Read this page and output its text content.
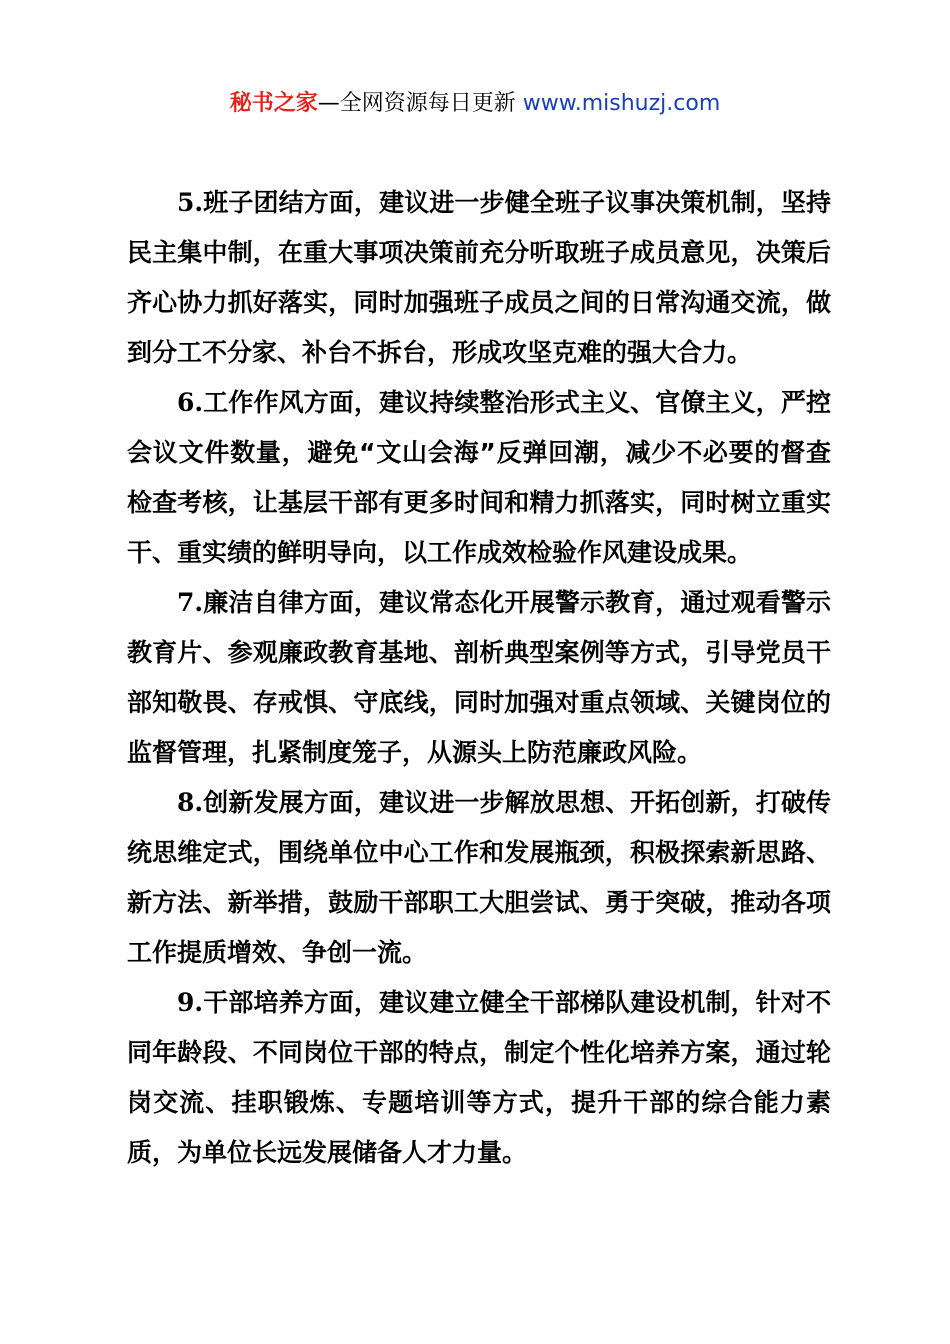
秘书之家—全网资源每日更新 www.mishuzj.com

5.班子团结方面，建议进一步健全班子议事决策机制，坚持民主集中制，在重大事项决策前充分听取班子成员意见，决策后齐心协力抓好落实，同时加强班子成员之间的日常沟通交流，做到分工不分家、补台不拆台，形成攻坚克难的强大合力。

6.工作作风方面，建议持续整治形式主义、官僚主义，严控会议文件数量，避免“文山会海”反弹回潮，减少不必要的督查检查考核，让基层干部有更多时间和精力抓落实，同时树立重实干、重实绩的鲜明导向，以工作成效检验作风建设成果。

7.廉洁自律方面，建议常态化开展警示教育，通过观看警示教育片、参观廉政教育基地、剖析典型案例等方式，引导党员干部知敬畏、存戒惧、守底线，同时加强对重点领域、关键岗位的监督管理，扎紧制度笼子，从源头上防范廉政风险。

8.创新发展方面，建议进一步解放思想、开拓创新，打破传统思维定式，围绕单位中心工作和发展瓶颈，积极探索新思路、新方法、新举措，鼓励干部职工大胆尝试、勇于突破，推动各项工作提质增效、争创一流。

9.干部培养方面，建议建立健全干部梯队建设机制，针对不同年龄段、不同岗位干部的特点，制定个性化培养方案，通过轮岗交流、挂职锻炼、专题培训等方式，提升干部的综合能力素质，为单位长远发展储备人才力量。
